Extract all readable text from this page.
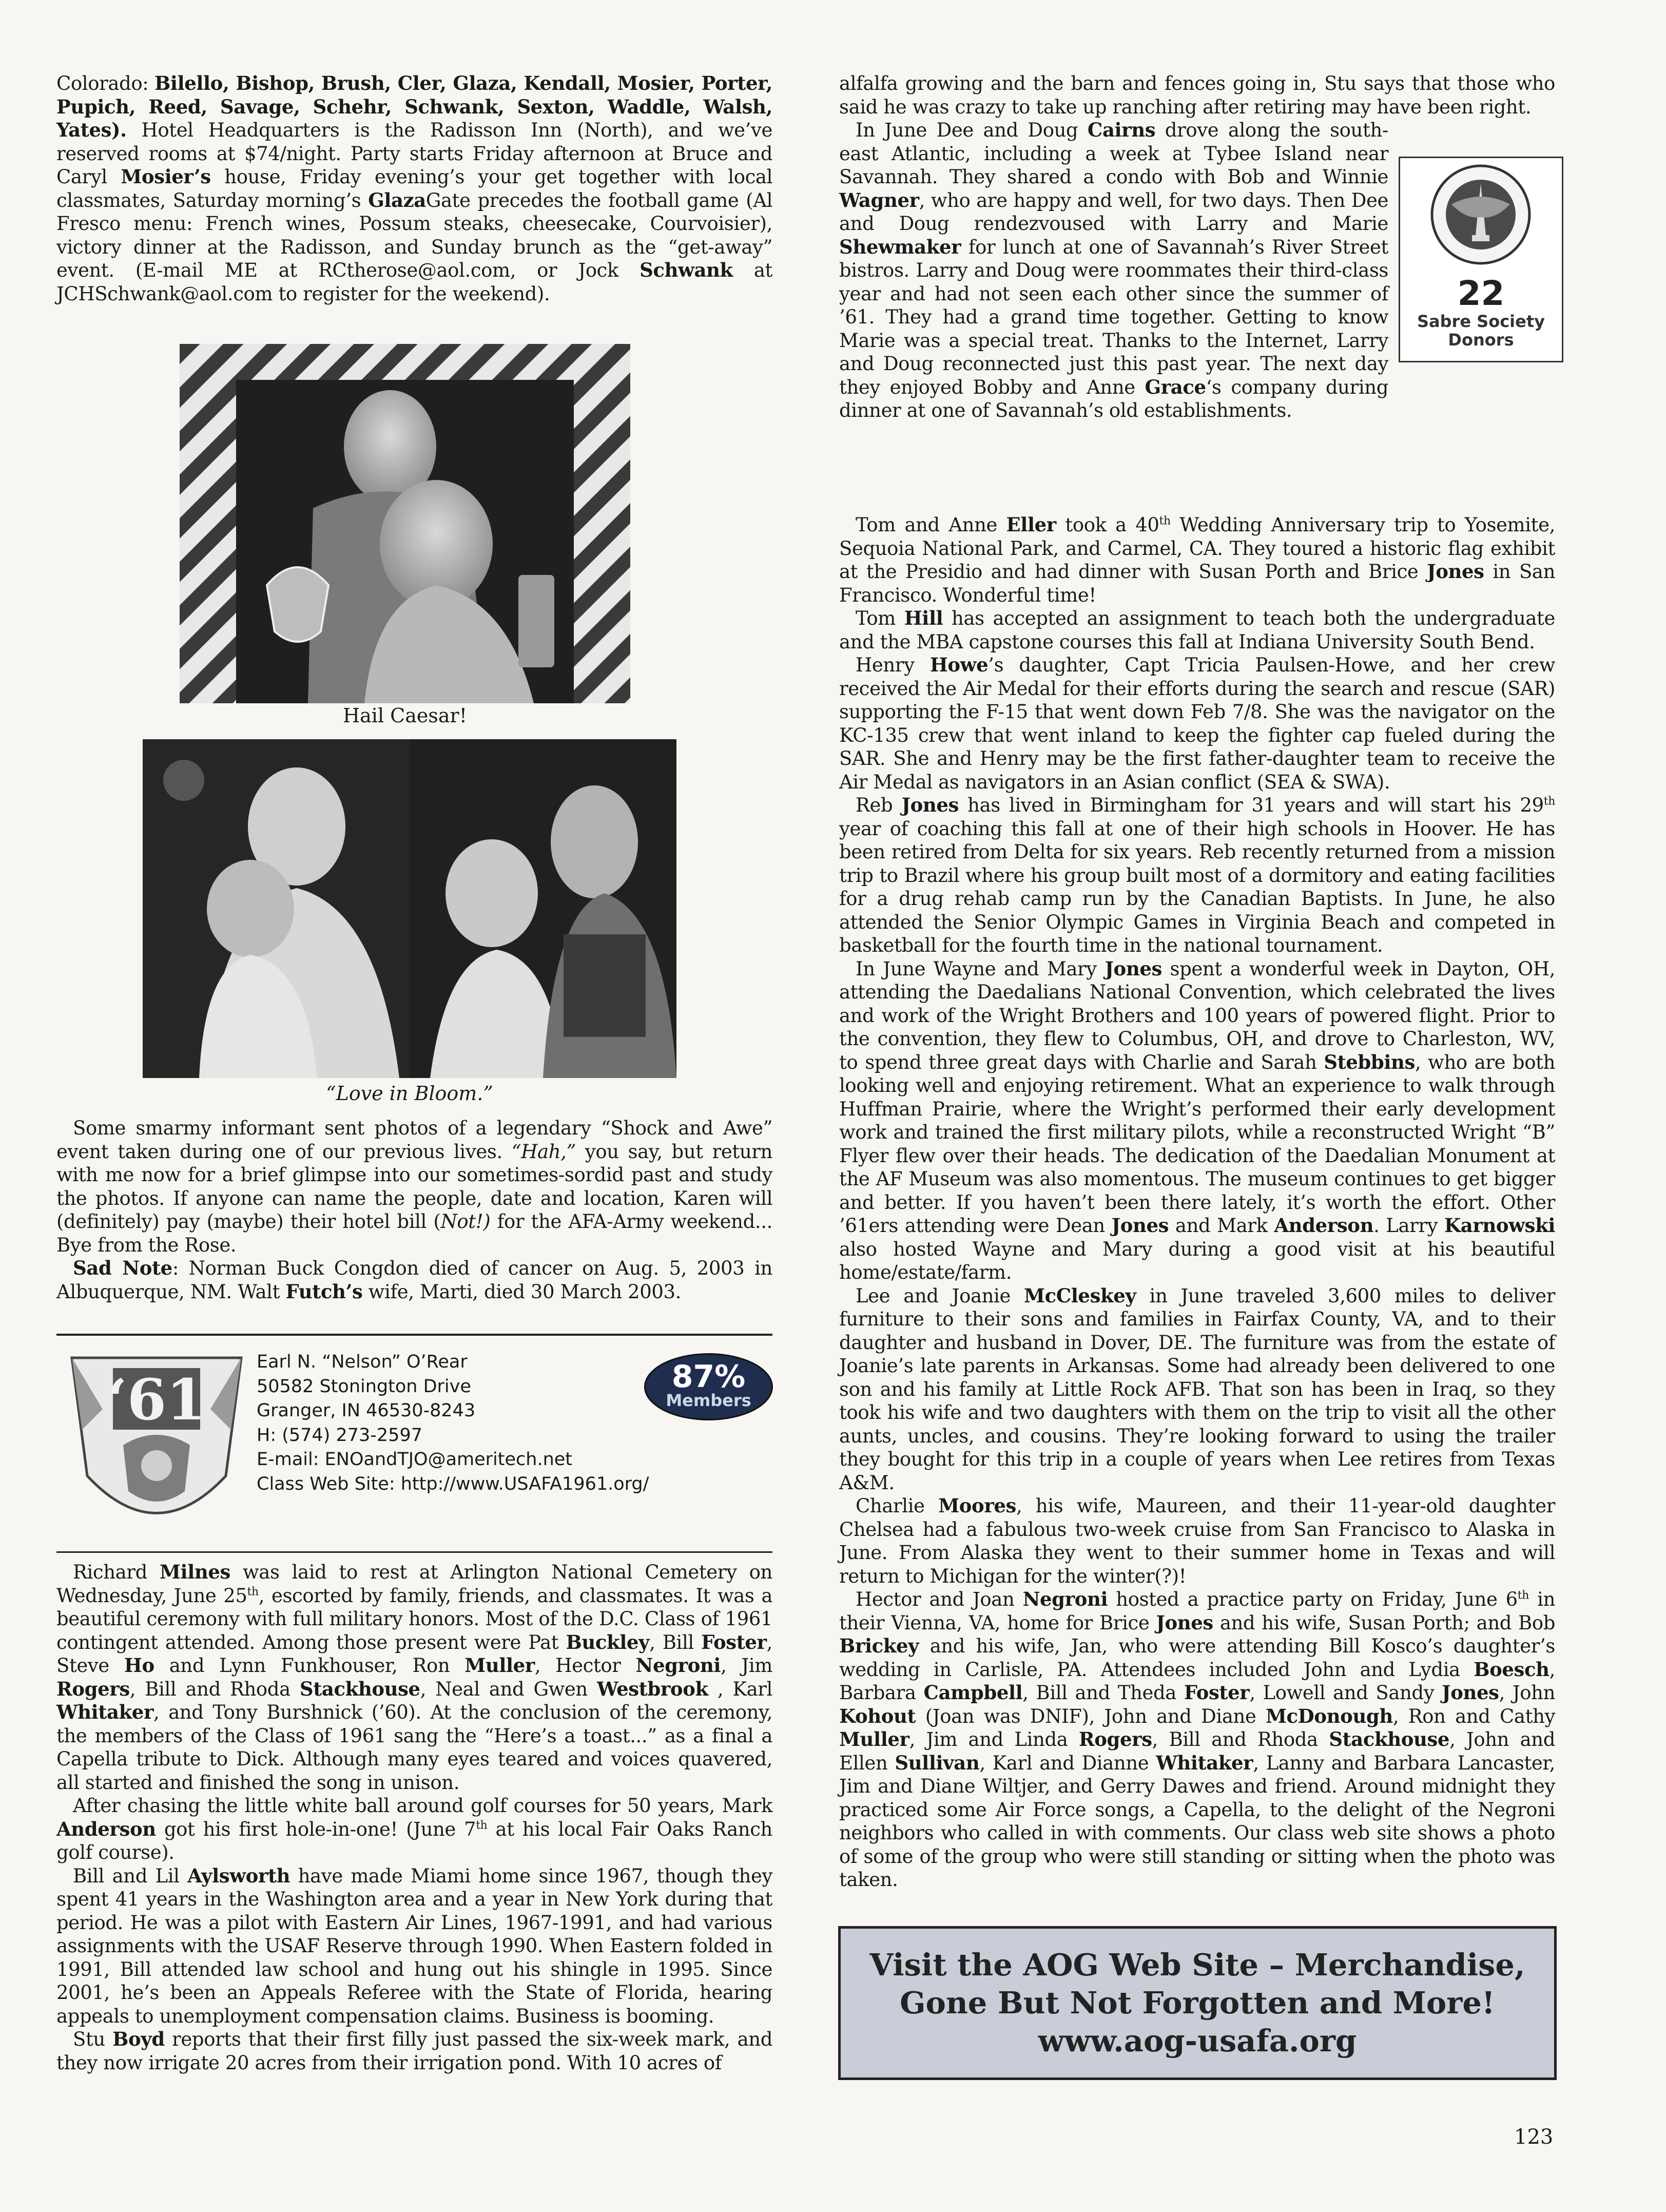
Colorado: Bilello, Bishop, Brush, Cler, Glaza, Kendall, Mosier, Porter, Pupich, Reed, Savage, Schehr, Schwank, Sexton, Waddle, Walsh, Yates). Hotel Headquarters is the Radisson Inn (North), and we’ve reserved rooms at $74/night. Party starts Friday afternoon at Bruce and Caryl Mosier’s house, Friday evening’s your get together with local classmates, Saturday morning’s GlazaGate precedes the football game (Al Fresco menu: French wines, Possum steaks, cheesecake, Courvoisier), victory dinner at the Radisson, and Sunday brunch as the “get-away” event. (E-mail ME at RCtherose@aol.com, or Jock Schwank at JCHSchwank@aol.com to register for the weekend).

Hail Caesar!
“Love in Bloom.”

Some smarmy informant sent photos of a legendary “Shock and Awe” event taken during one of our previous lives. “Hah,” you say, but return with me now for a brief glimpse into our sometimes-sordid past and study the photos. If anyone can name the people, date and location, Karen will (definitely) pay (maybe) their hotel bill (Not!) for the AFA-Army weekend... Bye from the Rose.

Sad Note: Norman Buck Congdon died of cancer on Aug. 5, 2003 in Albuquerque, NM. Walt Futch’s wife, Marti, died 30 March 2003.

‘61
Earl N. “Nelson” O’Rear
50582 Stonington Drive
Granger, IN 46530-8243
H: (574) 273-2597
E-mail: ENOandTJO@ameritech.net
Class Web Site: http://www.USAFA1961.org/
87%
Members

Richard Milnes was laid to rest at Arlington National Cemetery on Wednesday, June 25th, escorted by family, friends, and classmates. It was a beautiful ceremony with full military honors. Most of the D.C. Class of 1961 contingent attended. Among those present were Pat Buckley, Bill Foster, Steve Ho and Lynn Funkhouser, Ron Muller, Hector Negroni, Jim Rogers, Bill and Rhoda Stackhouse, Neal and Gwen Westbrook , Karl Whitaker, and Tony Burshnick (’60). At the conclusion of the ceremony, the members of the Class of 1961 sang the “Here’s a toast...” as a final a Capella tribute to Dick. Although many eyes teared and voices quavered, all started and finished the song in unison.

After chasing the little white ball around golf courses for 50 years, Mark Anderson got his first hole-in-one! (June 7th at his local Fair Oaks Ranch golf course).

Bill and Lil Aylsworth have made Miami home since 1967, though they spent 41 years in the Washington area and a year in New York during that period. He was a pilot with Eastern Air Lines, 1967-1991, and had various assignments with the USAF Reserve through 1990. When Eastern folded in 1991, Bill attended law school and hung out his shingle in 1995. Since 2001, he’s been an Appeals Referee with the State of Florida, hearing appeals to unemployment compensation claims. Business is booming.

Stu Boyd reports that their first filly just passed the six-week mark, and they now irrigate 20 acres from their irrigation pond. With 10 acres of

alfalfa growing and the barn and fences going in, Stu says that those who said he was crazy to take up ranching after retiring may have been right.

In June Dee and Doug Cairns drove along the south-east Atlantic, including a week at Tybee Island near Savannah. They shared a condo with Bob and Winnie Wagner, who are happy and well, for two days. Then Dee and Doug rendezvoused with Larry and Marie Shewmaker for lunch at one of Savannah’s River Street bistros. Larry and Doug were roommates their third-class year and had not seen each other since the summer of ’61. They had a grand time together. Getting to know Marie was a special treat. Thanks to the Internet, Larry and Doug reconnected just this past year. The next day they enjoyed Bobby and Anne Grace‘s company during dinner at one of Savannah’s old establishments.

22
Sabre Society
Donors

Tom and Anne Eller took a 40th Wedding Anniversary trip to Yosemite, Sequoia National Park, and Carmel, CA. They toured a historic flag exhibit at the Presidio and had dinner with Susan Porth and Brice Jones in San Francisco. Wonderful time!

Tom Hill has accepted an assignment to teach both the undergraduate and the MBA capstone courses this fall at Indiana University South Bend.

Henry Howe’s daughter, Capt Tricia Paulsen-Howe, and her crew received the Air Medal for their efforts during the search and rescue (SAR) supporting the F-15 that went down Feb 7/8. She was the navigator on the KC-135 crew that went inland to keep the fighter cap fueled during the SAR. She and Henry may be the first father-daughter team to receive the Air Medal as navigators in an Asian conflict (SEA & SWA).

Reb Jones has lived in Birmingham for 31 years and will start his 29th year of coaching this fall at one of their high schools in Hoover. He has been retired from Delta for six years. Reb recently returned from a mission trip to Brazil where his group built most of a dormitory and eating facilities for a drug rehab camp run by the Canadian Baptists. In June, he also attended the Senior Olympic Games in Virginia Beach and competed in basketball for the fourth time in the national tournament.

In June Wayne and Mary Jones spent a wonderful week in Dayton, OH, attending the Daedalians National Convention, which celebrated the lives and work of the Wright Brothers and 100 years of powered flight. Prior to the convention, they flew to Columbus, OH, and drove to Charleston, WV, to spend three great days with Charlie and Sarah Stebbins, who are both looking well and enjoying retirement. What an experience to walk through Huffman Prairie, where the Wright’s performed their early development work and trained the first military pilots, while a reconstructed Wright “B” Flyer flew over their heads. The dedication of the Daedalian Monument at the AF Museum was also momentous. The museum continues to get bigger and better. If you haven’t been there lately, it’s worth the effort. Other ’61ers attending were Dean Jones and Mark Anderson. Larry Karnowski also hosted Wayne and Mary during a good visit at his beautiful home/estate/farm.

Lee and Joanie McCleskey in June traveled 3,600 miles to deliver furniture to their sons and families in Fairfax County, VA, and to their daughter and husband in Dover, DE. The furniture was from the estate of Joanie’s late parents in Arkansas. Some had already been delivered to one son and his family at Little Rock AFB. That son has been in Iraq, so they took his wife and two daughters with them on the trip to visit all the other aunts, uncles, and cousins. They’re looking forward to using the trailer they bought for this trip in a couple of years when Lee retires from Texas A&M.

Charlie Moores, his wife, Maureen, and their 11-year-old daughter Chelsea had a fabulous two-week cruise from San Francisco to Alaska in June. From Alaska they went to their summer home in Texas and will return to Michigan for the winter(?)!

Hector and Joan Negroni hosted a practice party on Friday, June 6th in their Vienna, VA, home for Brice Jones and his wife, Susan Porth; and Bob Brickey and his wife, Jan, who were attending Bill Kosco’s daughter’s wedding in Carlisle, PA. Attendees included John and Lydia Boesch, Barbara Campbell, Bill and Theda Foster, Lowell and Sandy Jones, John Kohout (Joan was DNIF), John and Diane McDonough, Ron and Cathy Muller, Jim and Linda Rogers, Bill and Rhoda Stackhouse, John and Ellen Sullivan, Karl and Dianne Whitaker, Lanny and Barbara Lancaster, Jim and Diane Wiltjer, and Gerry Dawes and friend. Around midnight they practiced some Air Force songs, a Capella, to the delight of the Negroni neighbors who called in with comments. Our class web site shows a photo of some of the group who were still standing or sitting when the photo was taken.

Visit the AOG Web Site – Merchandise,
Gone But Not Forgotten and More!
www.aog-usafa.org
123
